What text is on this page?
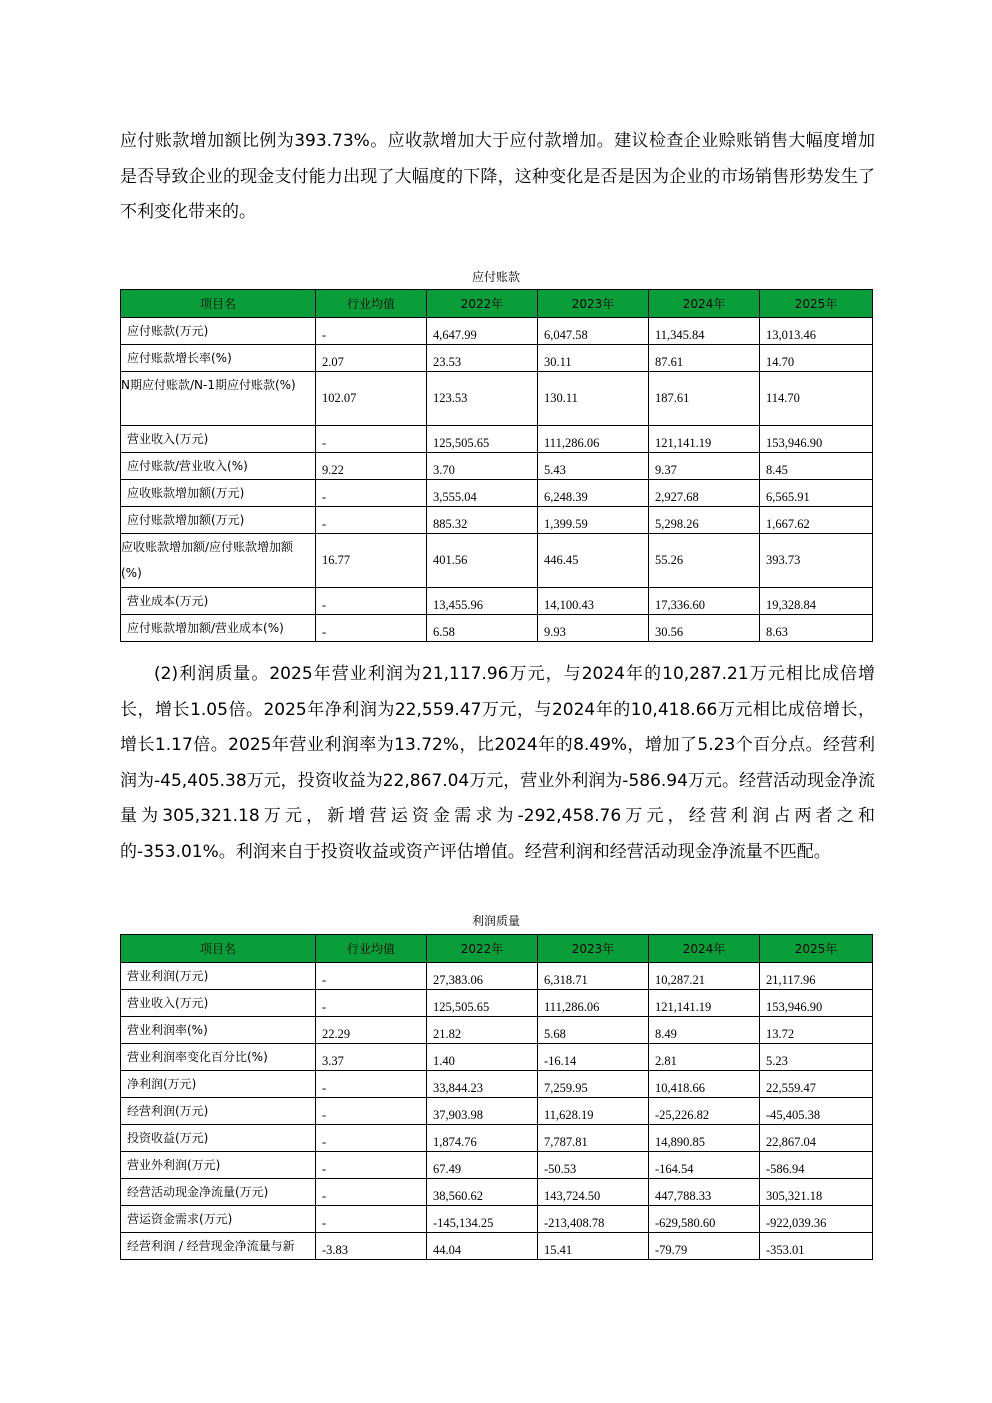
应付账款增加额比例为393.73%。应收款增加大于应付款增加。建议检查企业赊账销售大幅度增加是否导致企业的现金支付能力出现了大幅度的下降，这种变化是否是因为企业的市场销售形势发生了不利变化带来的。
应付账款
项目名	行业均值	2022年	2023年	2024年	2025年
应付账款(万元)	-	4,647.99	6,047.58	11,345.84	13,013.46
应付账款增长率(%)	2.07	23.53	30.11	87.61	14.70
N期应付账款/N-1期应付账款(%)	102.07	123.53	130.11	187.61	114.70
营业收入(万元)	-	125,505.65	111,286.06	121,141.19	153,946.90
应付账款/营业收入(%)	9.22	3.70	5.43	9.37	8.45
应收账款增加额(万元)	-	3,555.04	6,248.39	2,927.68	6,565.91
应付账款增加额(万元)	-	885.32	1,399.59	5,298.26	1,667.62
应收账款增加额/应付账款增加额(%)	16.77	401.56	446.45	55.26	393.73
营业成本(万元)	-	13,455.96	14,100.43	17,336.60	19,328.84
应付账款增加额/营业成本(%)	-	6.58	9.93	30.56	8.63
(2)利润质量。2025年营业利润为21,117.96万元，与2024年的10,287.21万元相比成倍增长，增长1.05倍。2025年净利润为22,559.47万元，与2024年的10,418.66万元相比成倍增长，增长1.17倍。2025年营业利润率为13.72%，比2024年的8.49%，增加了5.23个百分点。经营利润为-45,405.38万元，投资收益为22,867.04万元，营业外利润为-586.94万元。经营活动现金净流量为305,321.18万元，新增营运资金需求为-292,458.76万元，经营利润占两者之和的-353.01%。利润来自于投资收益或资产评估增值。经营利润和经营活动现金净流量不匹配。
利润质量
项目名	行业均值	2022年	2023年	2024年	2025年
营业利润(万元)	-	27,383.06	6,318.71	10,287.21	21,117.96
营业收入(万元)	-	125,505.65	111,286.06	121,141.19	153,946.90
营业利润率(%)	22.29	21.82	5.68	8.49	13.72
营业利润率变化百分比(%)	3.37	1.40	-16.14	2.81	5.23
净利润(万元)	-	33,844.23	7,259.95	10,418.66	22,559.47
经营利润(万元)	-	37,903.98	11,628.19	-25,226.82	-45,405.38
投资收益(万元)	-	1,874.76	7,787.81	14,890.85	22,867.04
营业外利润(万元)	-	67.49	-50.53	-164.54	-586.94
经营活动现金净流量(万元)	-	38,560.62	143,724.50	447,788.33	305,321.18
营运资金需求(万元)	-	-145,134.25	-213,408.78	-629,580.60	-922,039.36
经营利润 / 经营现金净流量与新	-3.83	44.04	15.41	-79.79	-353.01
